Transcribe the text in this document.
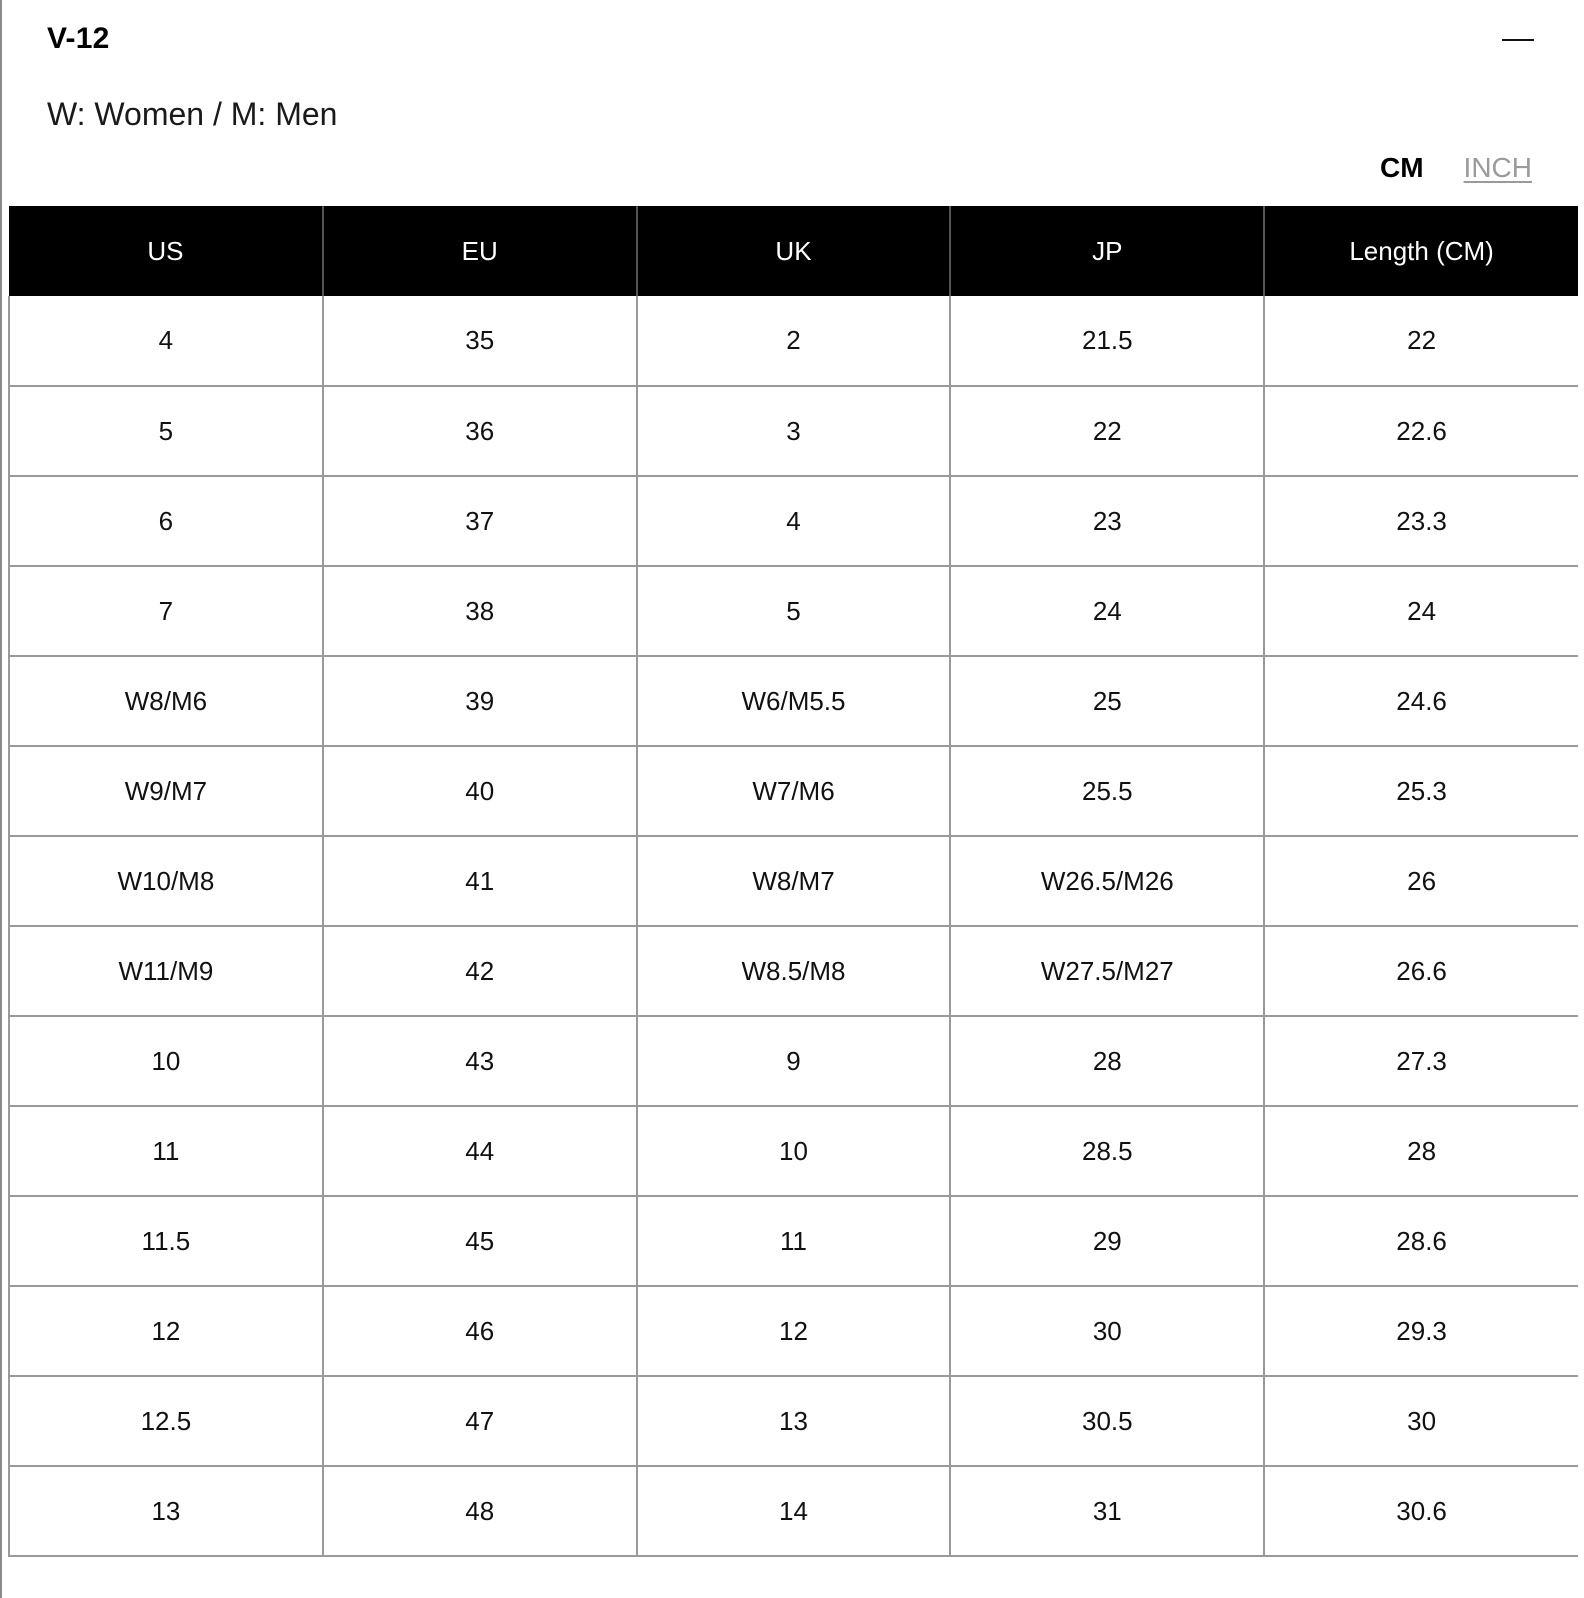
V-12
W: Women / M: Men
CM INCH
US	EU	UK	JP	Length (CM)
4	35	2	21.5	22
5	36	3	22	22.6
6	37	4	23	23.3
7	38	5	24	24
W8/M6	39	W6/M5.5	25	24.6
W9/M7	40	W7/M6	25.5	25.3
W10/M8	41	W8/M7	W26.5/M26	26
W11/M9	42	W8.5/M8	W27.5/M27	26.6
10	43	9	28	27.3
11	44	10	28.5	28
11.5	45	11	29	28.6
12	46	12	30	29.3
12.5	47	13	30.5	30
13	48	14	31	30.6
